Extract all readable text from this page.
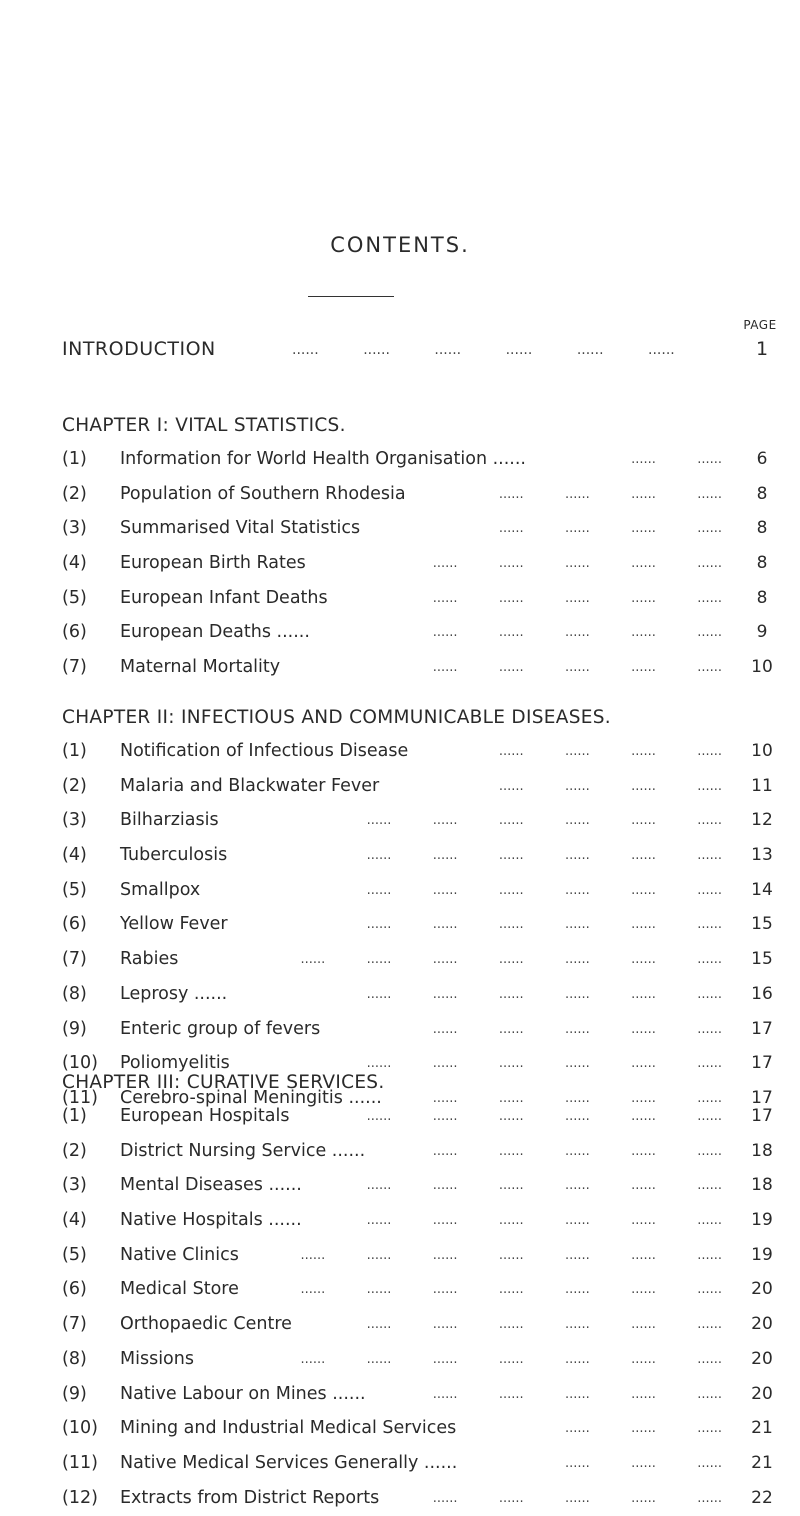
CONTENTS.
PAGE
INTRODUCTION	......          ......          ......          ......          ......          ......	1
CHAPTER I: VITAL STATISTICS.
(1)	Information for World Health Organisation ......	......          ......	6
(2)	Population of Southern Rhodesia	......          ......          ......          ......	8
(3)	Summarised Vital Statistics	......          ......          ......          ......	8
(4)	European Birth Rates	......          ......          ......          ......          ......	8
(5)	European Infant Deaths	......          ......          ......          ......          ......	8
(6)	European Deaths ......	......          ......          ......          ......          ......	9
(7)	Maternal Mortality	......          ......          ......          ......          ......	10
CHAPTER II: INFECTIOUS AND COMMUNICABLE DISEASES.
(1)	Notification of Infectious Disease	......          ......          ......          ......	10
(2)	Malaria and Blackwater Fever	......          ......          ......          ......	11
(3)	Bilharziasis	......          ......          ......          ......          ......          ......	12
(4)	Tuberculosis	......          ......          ......          ......          ......          ......	13
(5)	Smallpox	......          ......          ......          ......          ......          ......	14
(6)	Yellow Fever	......          ......          ......          ......          ......          ......	15
(7)	Rabies	......          ......          ......          ......          ......          ......          ......	15
(8)	Leprosy ......	......          ......          ......          ......          ......          ......	16
(9)	Enteric group of fevers	......          ......          ......          ......          ......	17
(10)	Poliomyelitis	......          ......          ......          ......          ......          ......	17
(11)	Cerebro-spinal Meningitis ......	......          ......          ......          ......          ......	17
CHAPTER III: CURATIVE SERVICES.
(1)	European Hospitals	......          ......          ......          ......          ......          ......	17
(2)	District Nursing Service ......	......          ......          ......          ......          ......	18
(3)	Mental Diseases ......	......          ......          ......          ......          ......          ......	18
(4)	Native Hospitals ......	......          ......          ......          ......          ......          ......	19
(5)	Native Clinics	......          ......          ......          ......          ......          ......          ......	19
(6)	Medical Store	......          ......          ......          ......          ......          ......          ......	20
(7)	Orthopaedic Centre	......          ......          ......          ......          ......          ......	20
(8)	Missions	......          ......          ......          ......          ......          ......          ......	20
(9)	Native Labour on Mines ......	......          ......          ......          ......          ......	20
(10)	Mining and Industrial Medical Services	......          ......          ......	21
(11)	Native Medical Services Generally ......	......          ......          ......	21
(12)	Extracts from District Reports	......          ......          ......          ......          ......	22
